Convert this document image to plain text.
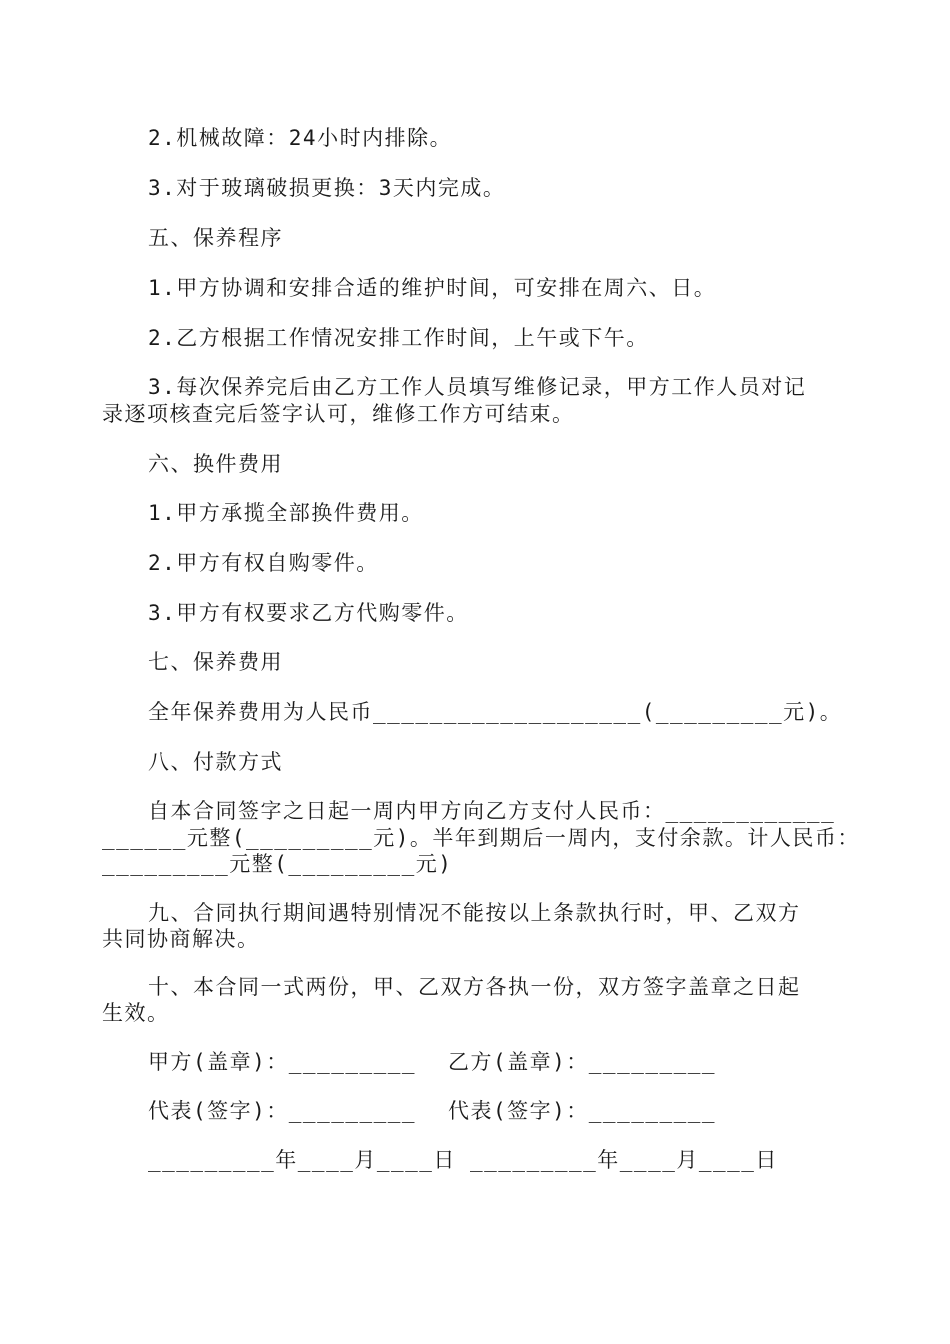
2.机械故障：24小时内排除。
3.对于玻璃破损更换：3天内完成。
五、保养程序
1.甲方协调和安排合适的维护时间，可安排在周六、日。
2.乙方根据工作情况安排工作时间，上午或下午。
3.每次保养完后由乙方工作人员填写维修记录，甲方工作人员对记
录逐项核查完后签字认可，维修工作方可结束。
六、换件费用
1.甲方承揽全部换件费用。
2.甲方有权自购零件。
3.甲方有权要求乙方代购零件。
七、保养费用
全年保养费用为人民币___________________(_________元)。
八、付款方式
自本合同签字之日起一周内甲方向乙方支付人民币：____________
______元整(_________元)。半年到期后一周内，支付余款。计人民币：
_________元整(_________元)
九、合同执行期间遇特别情况不能按以上条款执行时，甲、乙双方
共同协商解决。
十、本合同一式两份，甲、乙双方各执一份，双方签字盖章之日起
生效。
甲方(盖章)：_________ 乙方(盖章)：_________
代表(签字)：_________ 代表(签字)：_________
_________年____月____日 _________年____月____日
